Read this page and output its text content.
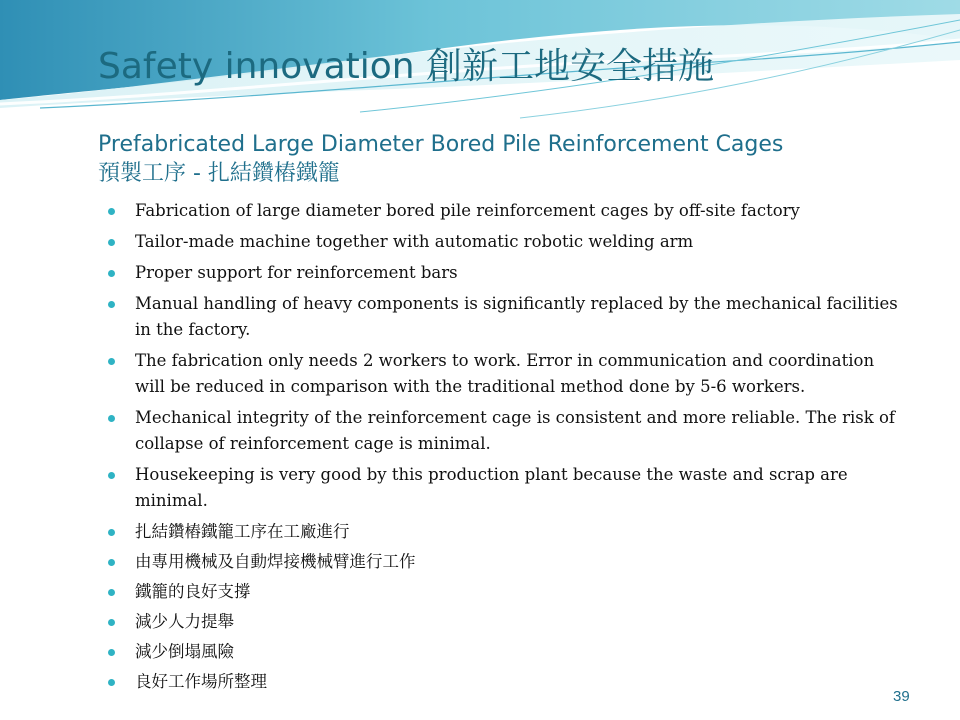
Safety innovation 創新工地安全措施
Prefabricated Large Diameter Bored Pile Reinforcement Cages
預製工序 - 扎結鑽樁鐵籠
Fabrication of large diameter bored pile reinforcement cages by off-site factory
Tailor-made machine together with automatic robotic welding arm
Proper support for reinforcement bars
Manual handling of heavy components is significantly replaced by the mechanical facilities in the factory.
The fabrication only needs 2 workers to work. Error in communication and coordination will be reduced in comparison with the traditional method done by 5-6 workers.
Mechanical integrity of the reinforcement cage is consistent and more reliable. The risk of collapse of reinforcement cage is minimal.
Housekeeping is very good by this production plant because the waste and scrap are minimal.
扎結鑽樁鐵籠工序在工廠進行
由專用機械及自動焊接機械臂進行工作
鐵籠的良好支撐
減少人力提舉
減少倒塌風險
良好工作場所整理
39
